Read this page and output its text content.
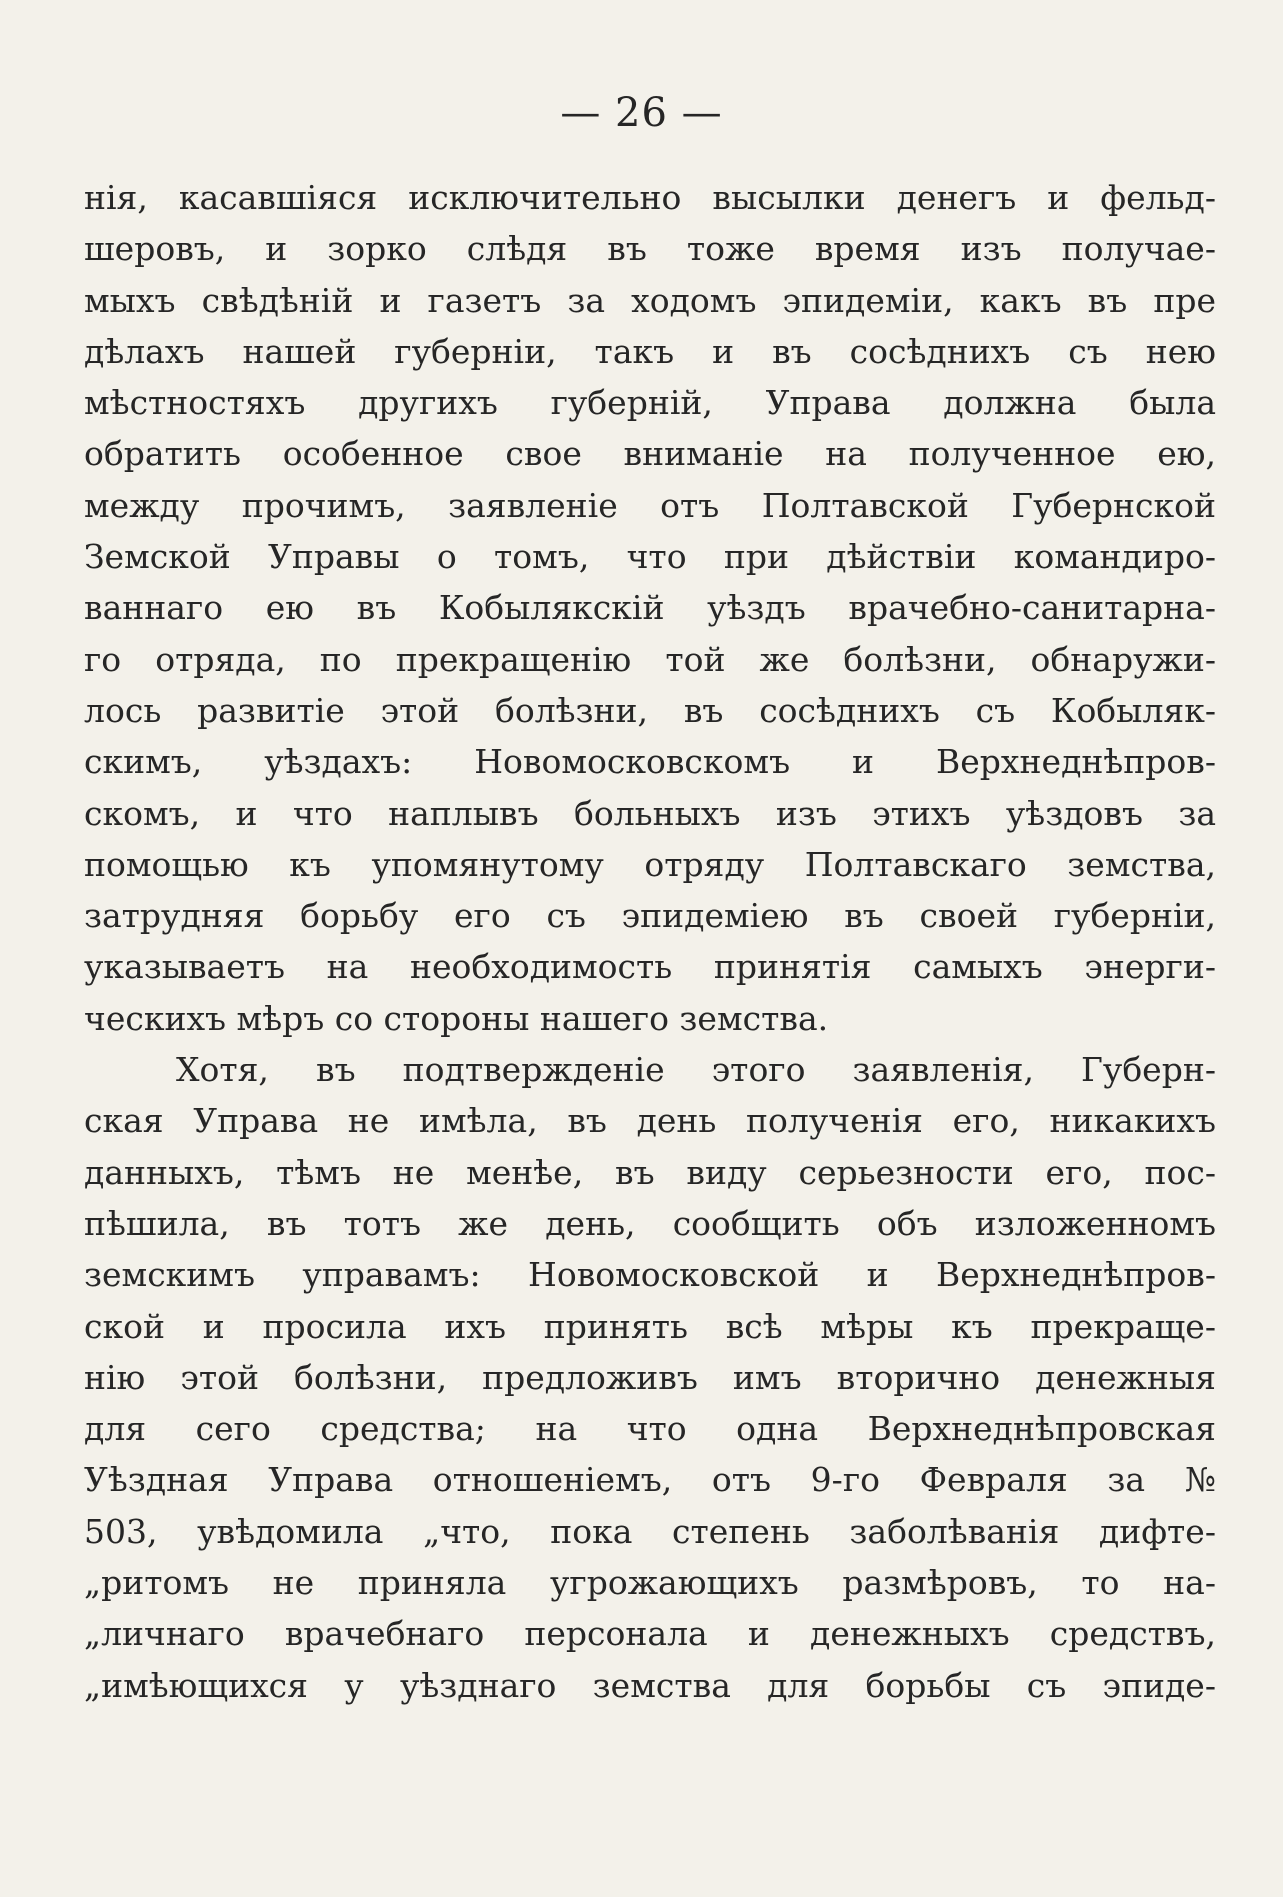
— 26 —
нія, касавшіяся исключительно высылки денегъ и фельд-
шеровъ, и зорко слѣдя въ тоже время изъ получае-
мыхъ свѣдѣній и газетъ за ходомъ эпидеміи, какъ въ пре
дѣлахъ нашей губерніи, такъ и въ сосѣднихъ съ нею
мѣстностяхъ другихъ губерній, Управа должна была
обратить особенное свое вниманіе на полученное ею,
между прочимъ, заявленіе отъ Полтавской Губернской
Земской Управы о томъ, что при дѣйствіи командиро-
ваннаго ею въ Кобылякскій уѣздъ врачебно-санитарна-
го отряда, по прекращенію той же болѣзни, обнаружи-
лось развитіе этой болѣзни, въ сосѣднихъ съ Кобыляк-
скимъ, уѣздахъ: Новомосковскомъ и Верхнеднѣпров-
скомъ, и что наплывъ больныхъ изъ этихъ уѣздовъ за
помощью къ упомянутому отряду Полтавскаго земства,
затрудняя борьбу его съ эпидеміею въ своей губерніи,
указываетъ на необходимость принятія самыхъ энерги-
ческихъ мѣръ со стороны нашего земства.
Хотя, въ подтвержденіе этого заявленія, Губерн-
ская Управа не имѣла, въ день полученія его, никакихъ
данныхъ, тѣмъ не менѣе, въ виду серьезности его, пос-
пѣшила, въ тотъ же день, сообщить объ изложенномъ
земскимъ управамъ: Новомосковской и Верхнеднѣпров-
ской и просила ихъ принять всѣ мѣры къ прекраще-
нію этой болѣзни, предложивъ имъ вторично денежныя
для сего средства; на что одна Верхнеднѣпровская
Уѣздная Управа отношеніемъ, отъ 9-го Февраля за №
503, увѣдомила „что, пока степень заболѣванія дифте-
„ритомъ не приняла угрожающихъ размѣровъ, то на-
„личнаго врачебнаго персонала и денежныхъ средствъ,
„имѣющихся у уѣзднаго земства для борьбы съ эпиде-
